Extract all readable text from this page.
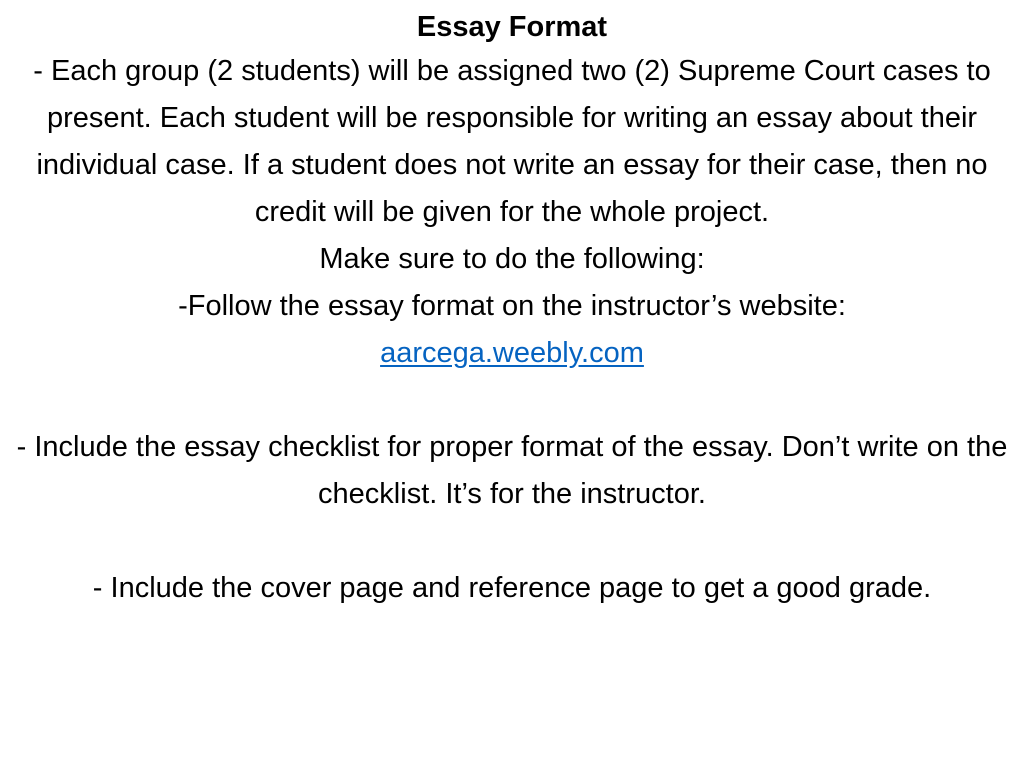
Essay Format

- Each group (2 students) will be assigned two (2) Supreme Court cases to present. Each student will be responsible for writing an essay about their individual case. If a student does not write an essay for their case, then no credit will be given for the whole project.

Make sure to do the following:

-Follow the essay format on the instructor’s website:

aarcega.weebly.com

- Include the essay checklist for proper format of the essay. Don’t write on the checklist. It’s for the instructor.

- Include the cover page and reference page to get a good grade.
